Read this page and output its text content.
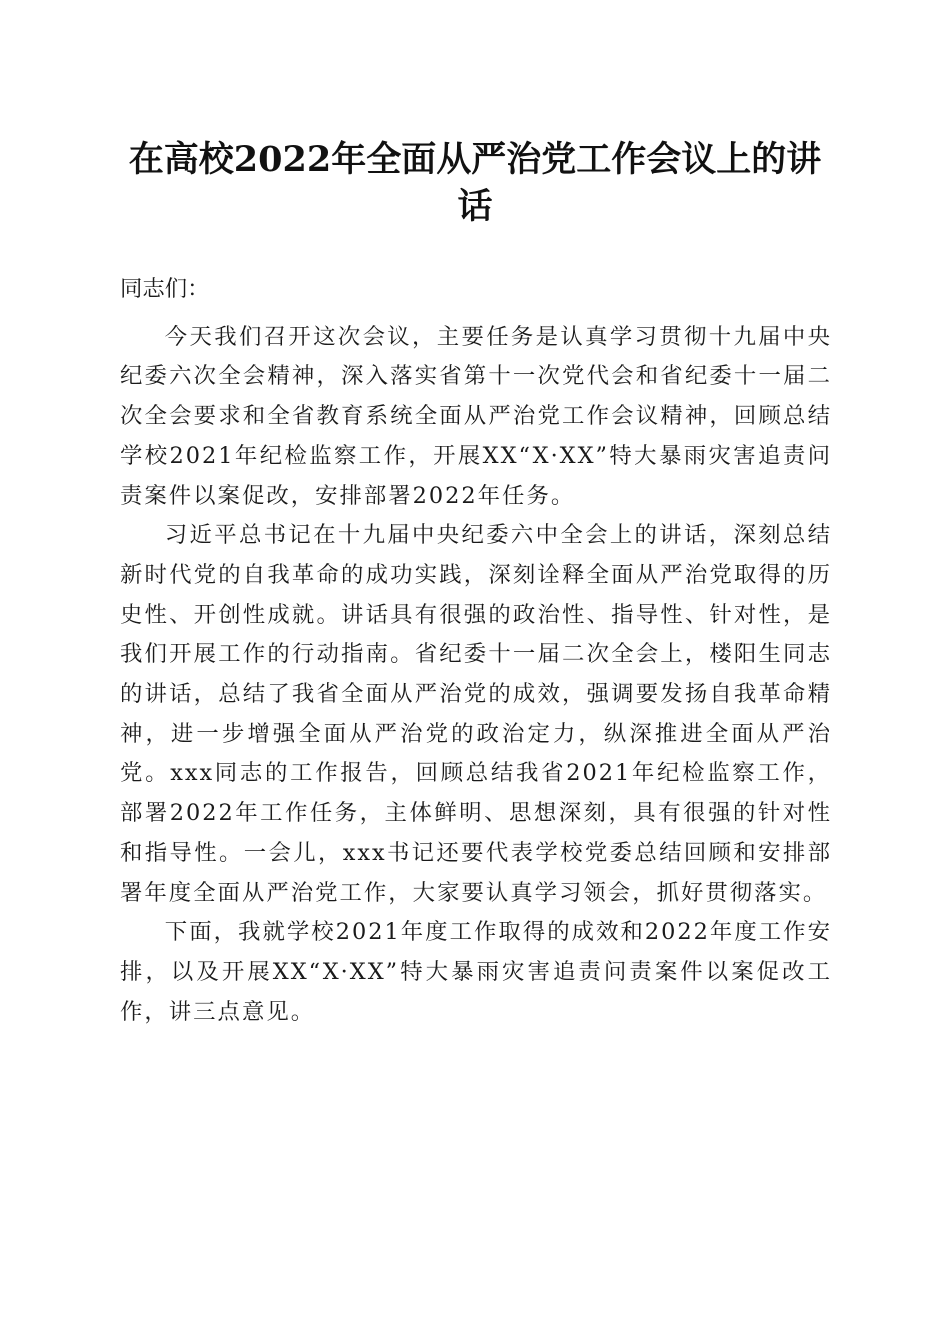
在高校2022年全面从严治党工作会议上的讲话

同志们：

今天我们召开这次会议，主要任务是认真学习贯彻十九届中央纪委六次全会精神，深入落实省第十一次党代会和省纪委十一届二次全会要求和全省教育系统全面从严治党工作会议精神，回顾总结学校2021年纪检监察工作，开展XX“X·XX”特大暴雨灾害追责问责案件以案促改，安排部署2022年任务。

习近平总书记在十九届中央纪委六中全会上的讲话，深刻总结新时代党的自我革命的成功实践，深刻诠释全面从严治党取得的历史性、开创性成就。讲话具有很强的政治性、指导性、针对性，是我们开展工作的行动指南。省纪委十一届二次全会上，楼阳生同志的讲话，总结了我省全面从严治党的成效，强调要发扬自我革命精神，进一步增强全面从严治党的政治定力，纵深推进全面从严治党。xxx同志的工作报告，回顾总结我省2021年纪检监察工作，部署2022年工作任务，主体鲜明、思想深刻，具有很强的针对性和指导性。一会儿，xxx书记还要代表学校党委总结回顾和安排部署年度全面从严治党工作，大家要认真学习领会，抓好贯彻落实。

下面，我就学校2021年度工作取得的成效和2022年度工作安排，以及开展XX“X·XX”特大暴雨灾害追责问责案件以案促改工作，讲三点意见。
